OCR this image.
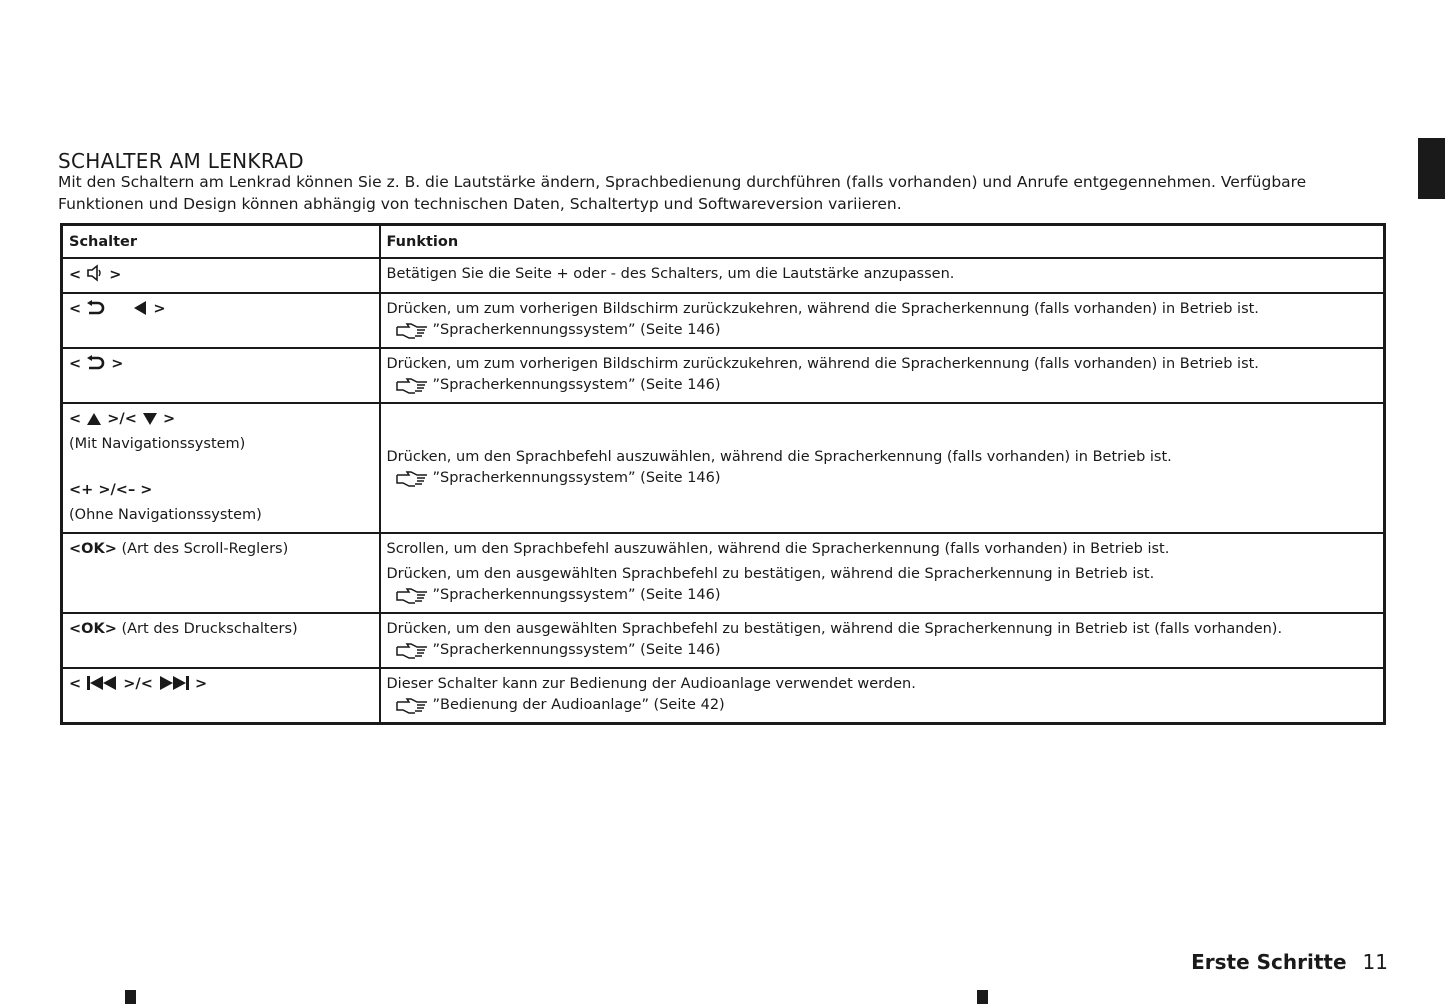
SCHALTER AM LENKRAD

Mit den Schaltern am Lenkrad können Sie z. B. die Lautstärke ändern, Sprachbedienung durchführen (falls vorhanden) und Anrufe entgegennehmen. Verfügbare

Funktionen und Design können abhängig von technischen Daten, Schaltertyp und Softwareversion variieren.

Schalter	Funktion
< >	Betätigen Sie die Seite + oder - des Schalters, um die Lautstärke anzupassen.

< >	Drücken, um zum vorherigen Bildschirm zurückzukehren, während die Spracherkennung (falls vorhanden) in Betrieb ist.
”Spracherkennungssystem” (Seite 146)

< >	Drücken, um zum vorherigen Bildschirm zurückzukehren, während die Spracherkennung (falls vorhanden) in Betrieb ist.
”Spracherkennungssystem” (Seite 146)

< >/< >
(Mit Navigationssystem)
<+ >/<– >
(Ohne Navigationssystem)	Drücken, um den Sprachbefehl auszuwählen, während die Spracherkennung (falls vorhanden) in Betrieb ist.
”Spracherkennungssystem” (Seite 146)

<OK> (Art des Scroll-Reglers)	Scrollen, um den Sprachbefehl auszuwählen, während die Spracherkennung (falls vorhanden) in Betrieb ist.
Drücken, um den ausgewählten Sprachbefehl zu bestätigen, während die Spracherkennung in Betrieb ist.
”Spracherkennungssystem” (Seite 146)

<OK> (Art des Druckschalters)	Drücken, um den ausgewählten Sprachbefehl zu bestätigen, während die Spracherkennung in Betrieb ist (falls vorhanden).
”Spracherkennungssystem” (Seite 146)

< >/< >	Dieser Schalter kann zur Bedienung der Audioanlage verwendet werden.
”Bedienung der Audioanlage” (Seite 42)
Erste Schritte 11
